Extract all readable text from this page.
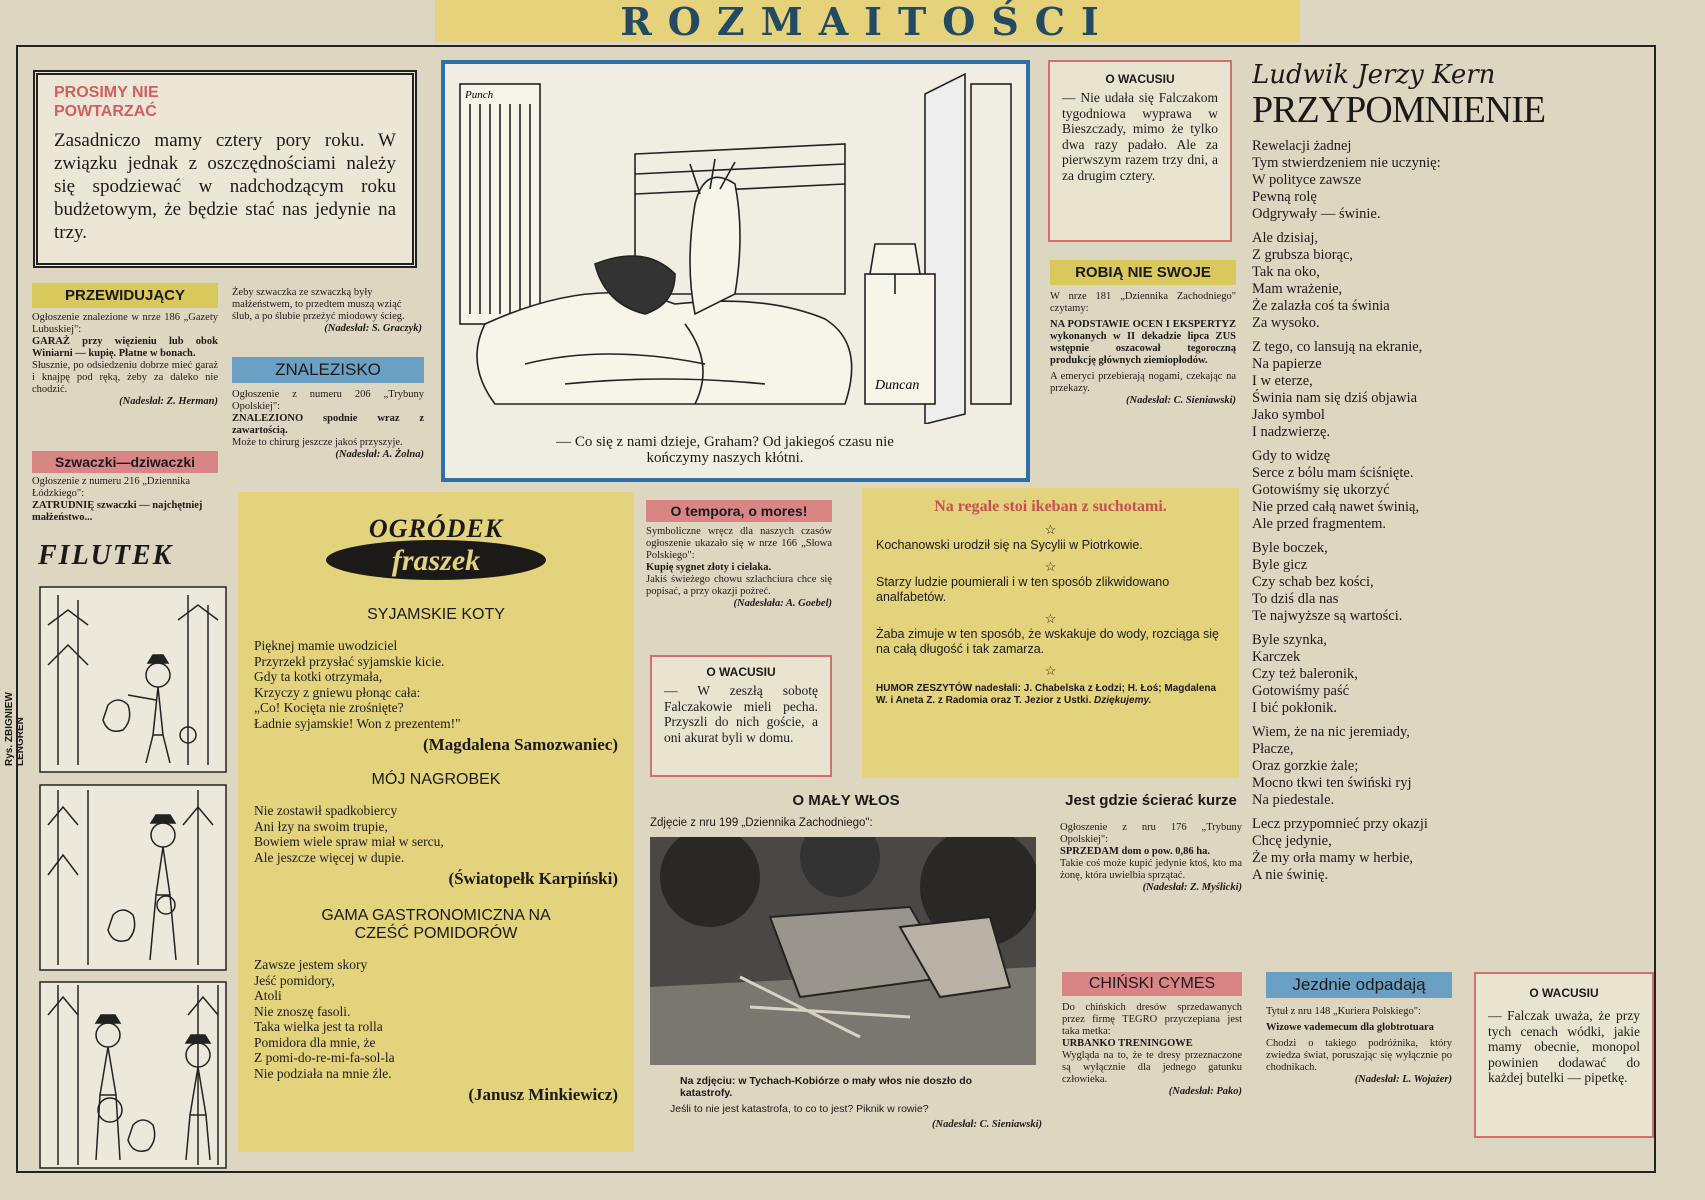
ROZMAITOŚCI
Rys. ZBIGNIEW LENGREN
PROSIMY NIE POWTARZAĆ
Zasadniczo mamy cztery pory roku. W związku jednak z oszczędnościami należy się spodziewać w nadchodzącym roku budżetowym, że będzie stać nas jedynie na trzy.
PRZEWIDUJĄCY
Ogłoszenie znalezione w nrze 186 „Gazety Lubuskiej":
GARAŻ przy więzieniu lub obok Winiarni — kupię. Płatne w bonach.
Słusznie, po odsiedzeniu dobrze mieć garaż i knajpę pod ręką, żeby za daleko nie chodzić.
(Nadesłał: Z. Herman)
Szwaczki—dziwaczki
Ogłoszenie z numeru 216 „Dziennika Łódzkiego":
ZATRUDNIĘ szwaczki — najchętniej małżeństwo...
Żeby szwaczka ze szwaczką były małżeństwem, to przedtem muszą wziąć ślub, a po ślubie przeżyć miodowy ścieg.
(Nadesłał: S. Graczyk)
ZNALEZISKO
Ogłoszenie z numeru 206 „Trybuny Opolskiej":
ZNALEZIONO spodnie wraz z zawartością.
Może to chirurg jeszcze jakoś przyszyje.
(Nadesłał: A. Żolna)
FILUTEK
Punch
Duncan
— Co się z nami dzieje, Graham? Od jakiegoś czasu nie kończymy naszych kłótni.
O WACUSIU
— Nie udała się Falczakom tygodniowa wyprawa w Bieszczady, mimo że tylko dwa razy padało. Ale za pierwszym razem trzy dni, a za drugim cztery.
ROBIĄ NIE SWOJE
W nrze 181 „Dziennika Zachodniego" czytamy:
NA PODSTAWIE OCEN I EKSPERTYZ wykonanych w II dekadzie lipca ZUS wstępnie oszacował tegoroczną produkcję głównych ziemiopłodów.
A emeryci przebierają nogami, czekając na przekazy.
(Nadesłał: C. Sieniawski)
Ludwik Jerzy Kern
PRZYPOMNIENIE
Rewelacji żadnej
Tym stwierdzeniem nie uczynię:
W polityce zawsze
Pewną rolę
Odgrywały — świnie.
Ale dzisiaj,
Z grubsza biorąc,
Tak na oko,
Mam wrażenie,
Że zalazła coś ta świnia
Za wysoko.
Z tego, co lansują na ekranie,
Na papierze
I w eterze,
Świnia nam się dziś objawia
Jako symbol
I nadzwierzę.
Gdy to widzę
Serce z bólu mam ściśnięte.
Gotowiśmy się ukorzyć
Nie przed całą nawet świnią,
Ale przed fragmentem.
Byle boczek,
Byle gicz
Czy schab bez kości,
To dziś dla nas
Te najwyższe są wartości.
Byle szynka,
Karczek
Czy też baleronik,
Gotowiśmy paść
I bić pokłonik.
Wiem, że na nic jeremiady,
Płacze,
Oraz gorzkie żale;
Mocno tkwi ten świński ryj
Na piedestale.
Lecz przypomnieć przy okazji
Chcę jedynie,
Że my orła mamy w herbie,
A nie świnię.
OGRÓDEK
fraszek
SYJAMSKIE KOTY
Pięknej mamie uwodziciel
Przyrzekł przysłać syjamskie kicie.
Gdy ta kotki otrzymała,
Krzyczy z gniewu płonąc cała:
„Co! Kocięta nie zrośnięte?
Ładnie syjamskie! Won z prezentem!"
(Magdalena Samozwaniec)
MÓJ NAGROBEK
Nie zostawił spadkobiercy
Ani łzy na swoim trupie,
Bowiem wiele spraw miał w sercu,
Ale jeszcze więcej w dupie.
(Światopełk Karpiński)
GAMA GASTRONOMICZNA NA CZEŚĆ POMIDORÓW
Zawsze jestem skory
Jeść pomidory,
Atoli
Nie znoszę fasoli.
Taka wielka jest ta rolla
Pomidora dla mnie, że
Z pomi-do-re-mi-fa-sol-la
Nie podziała na mnie źle.
(Janusz Minkiewicz)
O tempora, o mores!
Symboliczne wręcz dla naszych czasów ogłoszenie ukazało się w nrze 166 „Słowa Polskiego":
Kupię sygnet złoty i cielaka.
Jakiś świeżego chowu szlachciura chce się popisać, a przy okazji pożreć.
(Nadesłała: A. Goebel)
O WACUSIU
— W zeszłą sobotę Falczakowie mieli pecha. Przyszli do nich goście, a oni akurat byli w domu.
Na regale stoi ikeban z suchotami.
☆
Kochanowski urodził się na Sycylii w Piotrkowie.
☆
Starzy ludzie poumierali i w ten sposób zlikwidowano analfabetów.
☆
Żaba zimuje w ten sposób, że wskakuje do wody, rozciąga się na całą długość i tak zamarza.
☆
HUMOR ZESZYTÓW nadesłali: J. Chabelska z Łodzi; H. Łoś; Magdalena W. i Aneta Z. z Radomia oraz T. Jezior z Ustki. Dziękujemy.
O MAŁY WŁOS
Zdjęcie z nru 199 „Dziennika Zachodniego":
Na zdjęciu: w Tychach-Kobiórze o mały włos nie doszło do katastrofy.
Jeśli to nie jest katastrofa, to co to jest? Piknik w rowie?
(Nadesłał: C. Sieniawski)
Jest gdzie ścierać kurze
Ogłoszenie z nru 176 „Trybuny Opolskiej":
SPRZEDAM dom o pow. 0,86 ha.
Takie coś może kupić jedynie ktoś, kto ma żonę, która uwielbia sprzątać.
(Nadesłał: Z. Myślicki)
CHIŃSKI CYMES
Do chińskich dresów sprzedawanych przez firmę TEGRO przyczepiana jest taka metka:
URBANKO TRENINGOWE
Wygląda na to, że te dresy przeznaczone są wyłącznie dla jednego gatunku człowieka.
(Nadesłał: Pako)
Jezdnie odpadają
Tytuł z nru 148 „Kuriera Polskiego":
Wizowe vademecum dla globtrotuara
Chodzi o takiego podróżnika, który zwiedza świat, poruszając się wyłącznie po chodnikach.
(Nadesłał: L. Wojażer)
O WACUSIU
— Falczak uważa, że przy tych cenach wódki, jakie mamy obecnie, monopol powinien dodawać do każdej butelki — pipetkę.
